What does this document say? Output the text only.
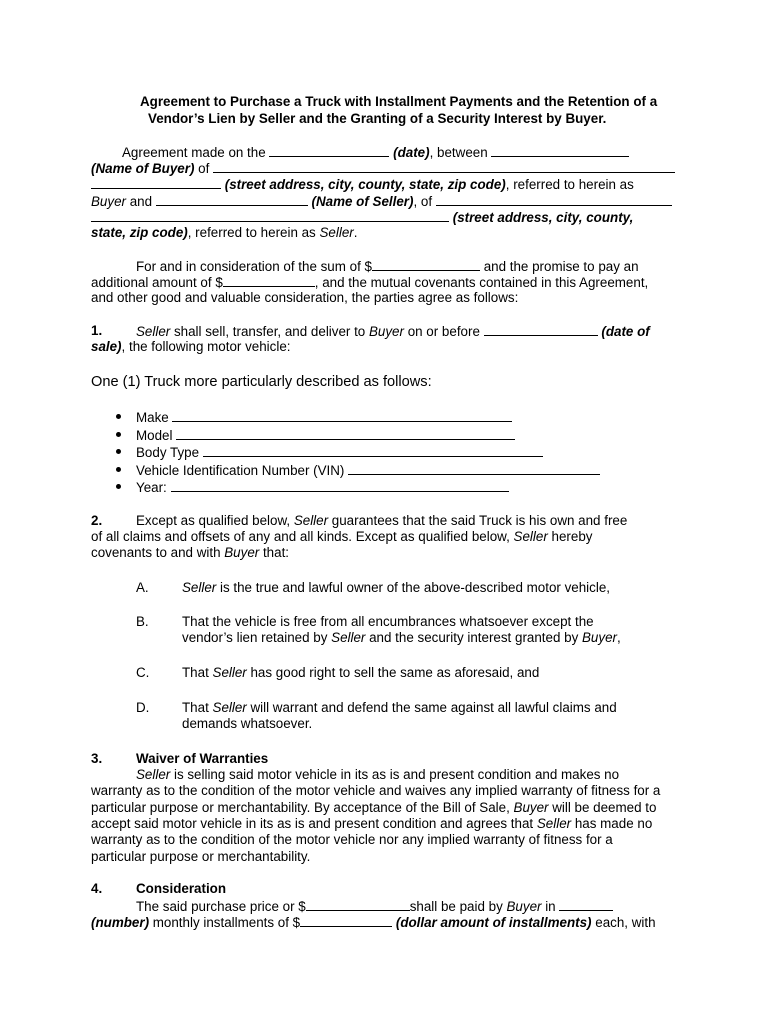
Agreement to Purchase a Truck with Installment Payments and the Retention of a
Vendor’s Lien by Seller and the Granting of a Security Interest by Buyer.
Agreement made on the	(date), between
(Name of Buyer) of
(street address, city, county, state, zip code), referred to herein as
Buyer and	(Name of Seller), of
(street address, city, county,
state, zip code), referred to herein as Seller.
For and in consideration of the sum of $	and the promise to pay an
additional amount of $	, and the mutual covenants contained in this Agreement,
and other good and valuable consideration, the parties agree as follows:
1.	Seller shall sell, transfer, and deliver to Buyer on or before	(date of
sale), the following motor vehicle:
One (1) Truck more particularly described as follows:
Make
Model
Body Type
Vehicle Identification Number (VIN)
Year:
2.	Except as qualified below, Seller guarantees that the said Truck is his own and free
of all claims and offsets of any and all kinds. Except as qualified below, Seller hereby
covenants to and with Buyer that:
A. Seller is the true and lawful owner of the above-described motor vehicle,
B. That the vehicle is free from all encumbrances whatsoever except the
vendor’s lien retained by Seller and the security interest granted by Buyer,
C. That Seller has good right to sell the same as aforesaid, and
D. That Seller will warrant and defend the same against all lawful claims and
demands whatsoever.
3.	Waiver of Warranties
Seller is selling said motor vehicle in its as is and present condition and makes no
warranty as to the condition of the motor vehicle and waives any implied warranty of fitness for a
particular purpose or merchantability. By acceptance of the Bill of Sale, Buyer will be deemed to
accept said motor vehicle in its as is and present condition and agrees that Seller has made no
warranty as to the condition of the motor vehicle nor any implied warranty of fitness for a
particular purpose or merchantability.
4.	Consideration
The said purchase price or $	shall be paid by Buyer in
(number) monthly installments of $	(dollar amount of installments) each, with
